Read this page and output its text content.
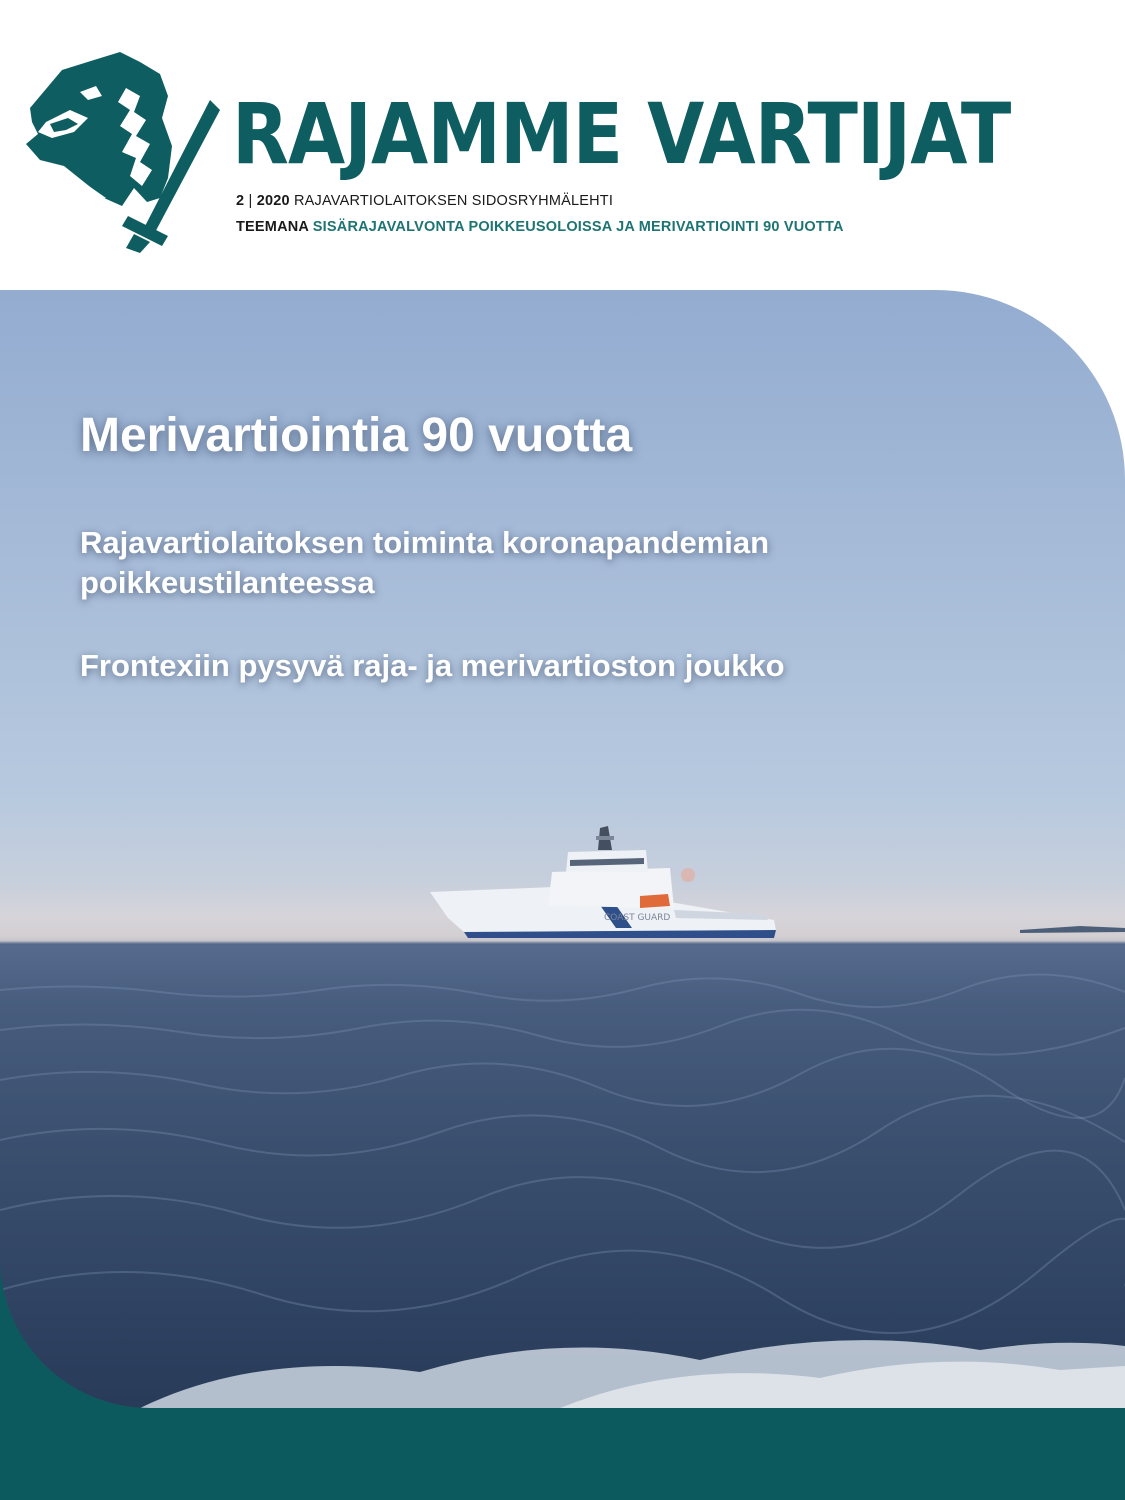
RAJAMME VARTIJAT
2 | 2020 RAJAVARTIOLAITOKSEN SIDOSRYHMÄLEHTI
TEEMANA SISÄRAJAVALVONTA POIKKEUSOLOISSA JA MERIVARTIOINTI 90 VUOTTA
COAST GUARD
Merivartiointia 90 vuotta

Rajavartiolaitoksen toiminta koronapandemian poikkeustilanteessa

Frontexiin pysyvä raja- ja merivartioston joukko
